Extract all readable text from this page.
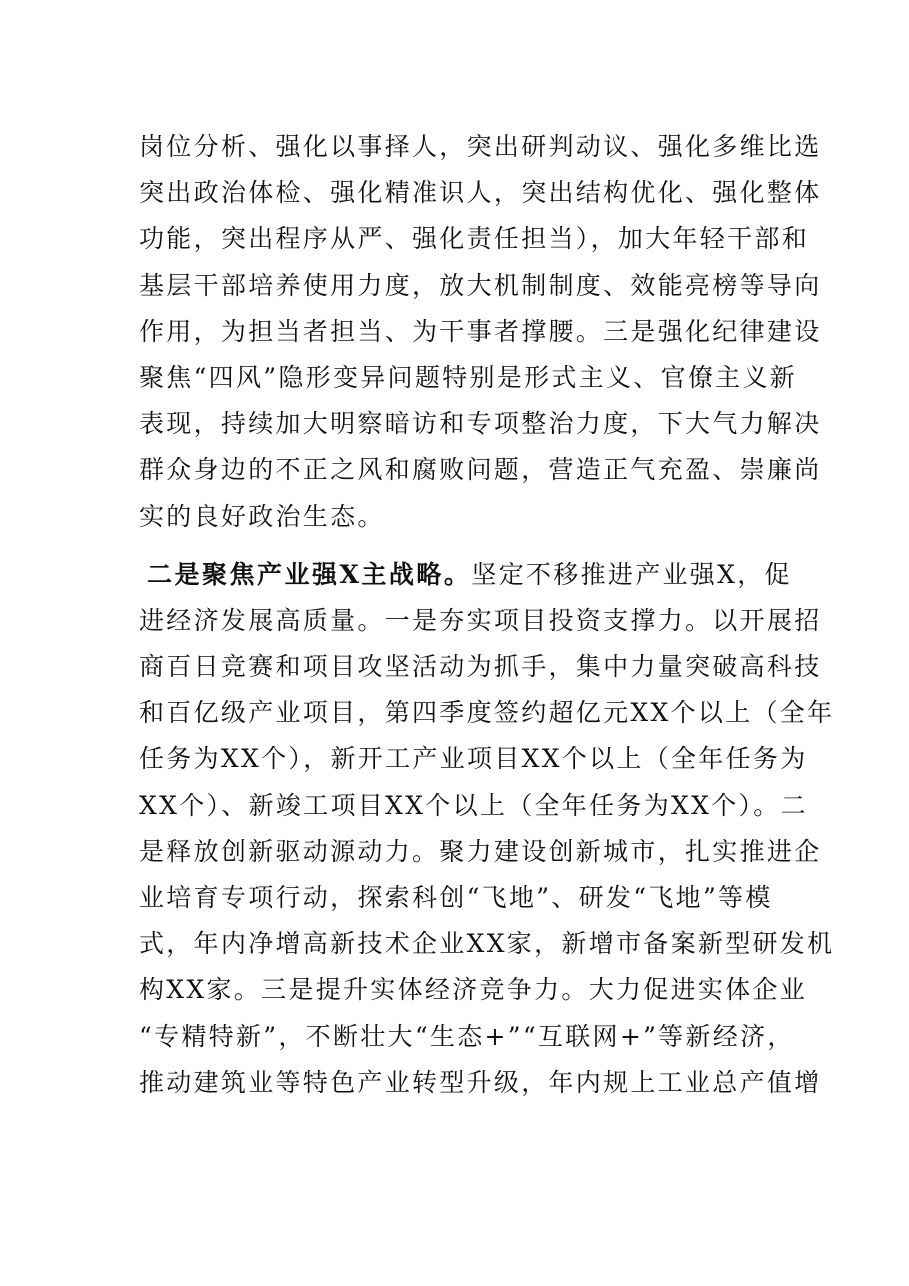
岗位分析、强化以事择人，突出研判动议、强化多维比选
突出政治体检、强化精准识人，突出结构优化、强化整体
功能，突出程序从严、强化责任担当），加大年轻干部和
基层干部培养使用力度，放大机制制度、效能亮榜等导向
作用，为担当者担当、为干事者撑腰。三是强化纪律建设
聚焦“四风”隐形变异问题特别是形式主义、官僚主义新
表现，持续加大明察暗访和专项整治力度，下大气力解决
群众身边的不正之风和腐败问题，营造正气充盈、崇廉尚
实的良好政治生态。
二是聚焦产业强X主战略。坚定不移推进产业强X，促
进经济发展高质量。一是夯实项目投资支撑力。以开展招
商百日竞赛和项目攻坚活动为抓手，集中力量突破高科技
和百亿级产业项目，第四季度签约超亿元XX个以上（全年
任务为XX个），新开工产业项目XX个以上（全年任务为
XX个）、新竣工项目XX个以上（全年任务为XX个）。二
是释放创新驱动源动力。聚力建设创新城市，扎实推进企
业培育专项行动，探索科创“飞地”、研发“飞地”等模
式，年内净增高新技术企业XX家，新增市备案新型研发机
构XX家。三是提升实体经济竞争力。大力促进实体企业
“专精特新”，不断壮大“生态+”“互联网+”等新经济，
推动建筑业等特色产业转型升级，年内规上工业总产值增
